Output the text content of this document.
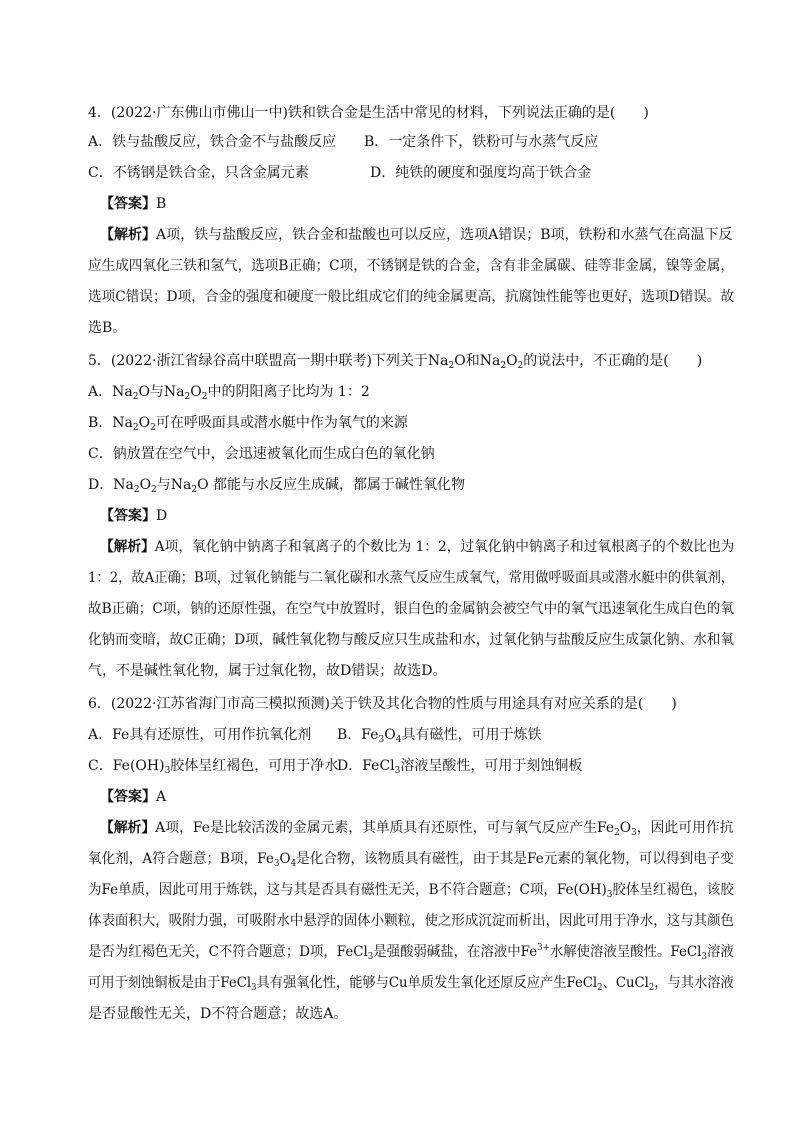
4．(2022·广东佛山市佛山一中)铁和铁合金是生活中常见的材料，下列说法正确的是(　　)
A．铁与盐酸反应，铁合金不与盐酸反应 B．一定条件下，铁粉可与水蒸气反应
C．不锈钢是铁合金，只含金属元素	D．纯铁的硬度和强度均高于铁合金
【答案】B
【解析】A项，铁与盐酸反应，铁合金和盐酸也可以反应，选项A错误；B项，铁粉和水蒸气在高温下反
应生成四氧化三铁和氢气，选项B正确；C项，不锈钢是铁的合金，含有非金属碳、硅等非金属，镍等金属，
选项C错误；D项，合金的强度和硬度一般比组成它们的纯金属更高，抗腐蚀性能等也更好，选项D错误。故
选B。
5．(2022·浙江省绿谷高中联盟高一期中联考)下列关于$Na_2O$和$Na_2O_2$的说法中，不正确的是(　　)
A．$Na_2O$与$Na_2O_2$中的阴阳离子比均为 1：2
B．$Na_2O_2$可在呼吸面具或潜水艇中作为氧气的来源
C．钠放置在空气中，会迅速被氧化而生成白色的氧化钠
D．$Na_2O_2$与$Na_2O$ 都能与水反应生成碱，都属于碱性氧化物
【答案】D
【解析】A项，氧化钠中钠离子和氧离子的个数比为 1：2，过氧化钠中钠离子和过氧根离子的个数比也为
1：2，故A正确；B项，过氧化钠能与二氧化碳和水蒸气反应生成氧气，常用做呼吸面具或潜水艇中的供氧剂，
故B正确；C项，钠的还原性强，在空气中放置时，银白色的金属钠会被空气中的氧气迅速氧化生成白色的氧
化钠而变暗，故C正确；D项，碱性氧化物与酸反应只生成盐和水，过氧化钠与盐酸反应生成氯化钠、水和氧
气，不是碱性氧化物，属于过氧化物，故D错误；故选D。
6．(2022·江苏省海门市高三模拟预测)关于铁及其化合物的性质与用途具有对应关系的是(　　)
A．Fe具有还原性，可用作抗氧化剂 B．$Fe_3O_4$具有磁性，可用于炼铁
C．$Fe(OH)_3$胶体呈红褐色，可用于净水
D．FeCl$_3$溶液呈酸性，可用于刻蚀铜板
【答案】A
【解析】A项，Fe是比较活泼的金属元素，其单质具有还原性，可与氧气反应产生$Fe_2O_3$，因此可用作抗
氧化剂，A符合题意；B项，$Fe_3O_4$是化合物，该物质具有磁性，由于其是Fe元素的氧化物，可以得到电子变
为Fe单质，因此可用于炼铁，这与其是否具有磁性无关，B不符合题意；C项，$Fe(OH)_3$胶体呈红褐色，该胶
体表面积大，吸附力强，可吸附水中悬浮的固体小颗粒，使之形成沉淀而析出，因此可用于净水，这与其颜色
是否为红褐色无关，C不符合题意；D项，FeCl$_3$是强酸弱碱盐，在溶液中$Fe^{3+}$水解使溶液呈酸性。FeCl$_3$溶液
可用于刻蚀铜板是由于FeCl$_3$具有强氧化性，能够与Cu单质发生氧化还原反应产生FeCl$_2$、CuCl$_2$，与其水溶液
是否显酸性无关，D不符合题意；故选A。
